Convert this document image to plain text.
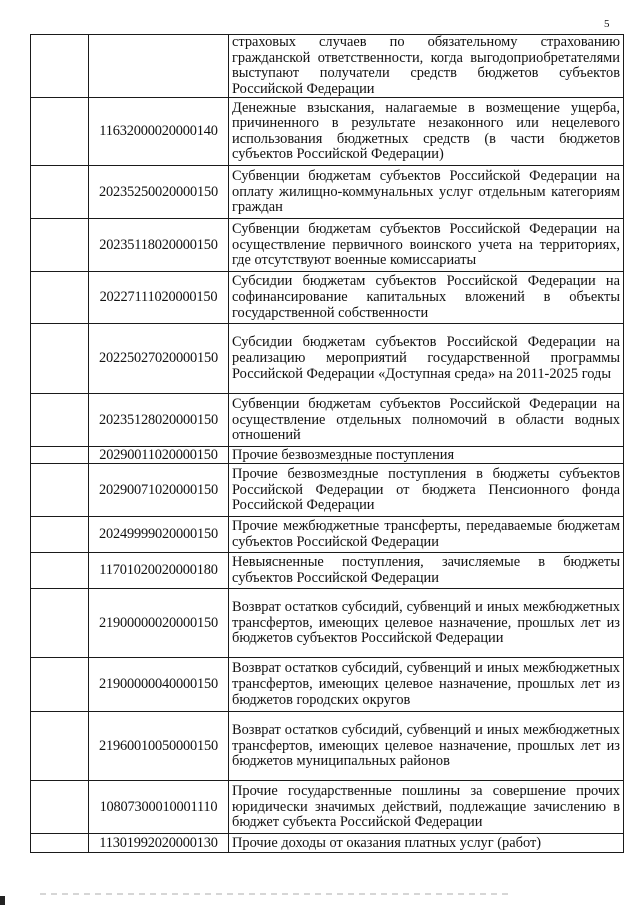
5
		страховых случаев по обязательному страхованию гражданской ответственности, когда выгодоприобретателями выступают получатели средств бюджетов субъектов Российской Федерации
	11632000020000140	Денежные взыскания, налагаемые в возмещение ущерба, причиненного в результате незаконного или нецелевого использования бюджетных средств (в части бюджетов субъектов Российской Федерации)
	20235250020000150	Субвенции бюджетам субъектов Российской Федерации на оплату жилищно-коммунальных услуг отдельным категориям граждан
	20235118020000150	Субвенции бюджетам субъектов Российской Федерации на осуществление первичного воинского учета на территориях, где отсутствуют военные комиссариаты
	20227111020000150	Субсидии бюджетам субъектов Российской Федерации на софинансирование капитальных вложений в объекты государственной собственности
	20225027020000150	Субсидии бюджетам субъектов Российской Федерации на реализацию мероприятий государственной программы Российской Федерации «Доступная среда» на 2011-2025 годы
	20235128020000150	Субвенции бюджетам субъектов Российской Федерации на осуществление отдельных полномочий в области водных отношений
	20290011020000150	Прочие безвозмездные поступления
	20290071020000150	Прочие безвозмездные поступления в бюджеты субъектов Российской Федерации от бюджета Пенсионного фонда Российской Федерации
	20249999020000150	Прочие межбюджетные трансферты, передаваемые бюджетам субъектов Российской Федерации
	11701020020000180	Невыясненные поступления, зачисляемые в бюджеты субъектов Российской Федерации
	21900000020000150	Возврат остатков субсидий, субвенций и иных межбюджетных трансфертов, имеющих целевое назначение, прошлых лет из бюджетов субъектов Российской Федерации
	21900000040000150	Возврат остатков субсидий, субвенций и иных межбюджетных трансфертов, имеющих целевое назначение, прошлых лет из бюджетов городских округов
	21960010050000150	Возврат остатков субсидий, субвенций и иных межбюджетных трансфертов, имеющих целевое назначение, прошлых лет из бюджетов муниципальных районов
	10807300010001110	Прочие государственные пошлины за совершение прочих юридически значимых действий, подлежащие зачислению в бюджет субъекта Российской Федерации
	11301992020000130	Прочие доходы от оказания платных услуг (работ)
